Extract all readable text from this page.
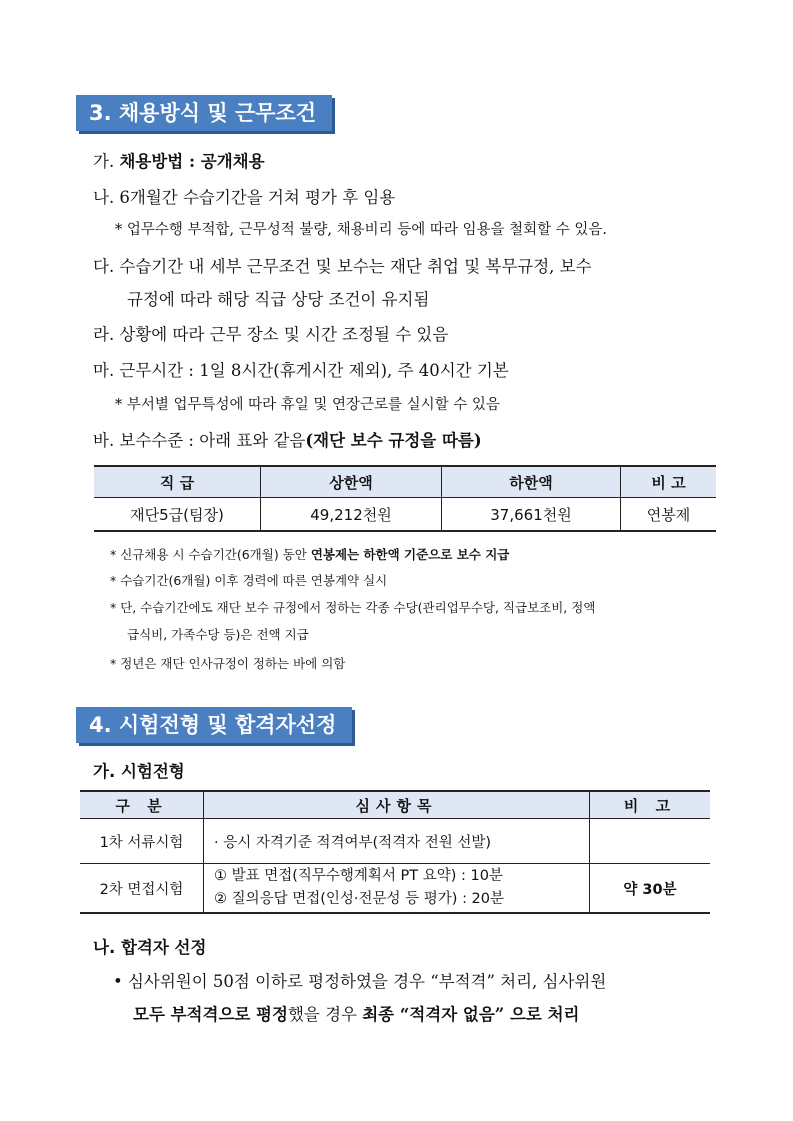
3. 채용방식 및 근무조건
가. 채용방법 : 공개채용
나. 6개월간 수습기간을 거쳐 평가 후 임용
* 업무수행 부적합, 근무성적 불량, 채용비리 등에 따라 임용을 철회할 수 있음.
다. 수습기간 내 세부 근무조건 및 보수는 재단 취업 및 복무규정, 보수
규정에 따라 해당 직급 상당 조건이 유지됨
라. 상황에 따라 근무 장소 및 시간 조정될 수 있음
마. 근무시간 : 1일 8시간(휴게시간 제외), 주 40시간 기본
* 부서별 업무특성에 따라 휴일 및 연장근로를 실시할 수 있음
바. 보수수준 : 아래 표와 같음(재단 보수 규정을 따름)
직 급	상한액	하한액	비 고
재단5급(팀장)	49,212천원	37,661천원	연봉제
* 신규채용 시 수습기간(6개월) 동안 연봉제는 하한액 기준으로 보수 지급
* 수습기간(6개월) 이후 경력에 따른 연봉계약 실시
* 단, 수습기간에도 재단 보수 규정에서 정하는 각종 수당(관리업무수당, 직급보조비, 정액
급식비, 가족수당 등)은 전액 지급
* 정년은 재단 인사규정이 정하는 바에 의함
4. 시험전형 및 합격자선정
가. 시험전형
구 분	심사항목	비 고
1차 서류시험	· 응시 자격기준 적격여부(적격자 전원 선발)	
2차 면접시험	① 발표 면접(직무수행계획서 PT 요약) : 10분
② 질의응답 면접(인성·전문성 등 평가) : 20분	약 30분
나. 합격자 선정
• 심사위원이 50점 이하로 평정하였을 경우 “부적격” 처리, 심사위원
모두 부적격으로 평정했을 경우 최종 “적격자 없음” 으로 처리
